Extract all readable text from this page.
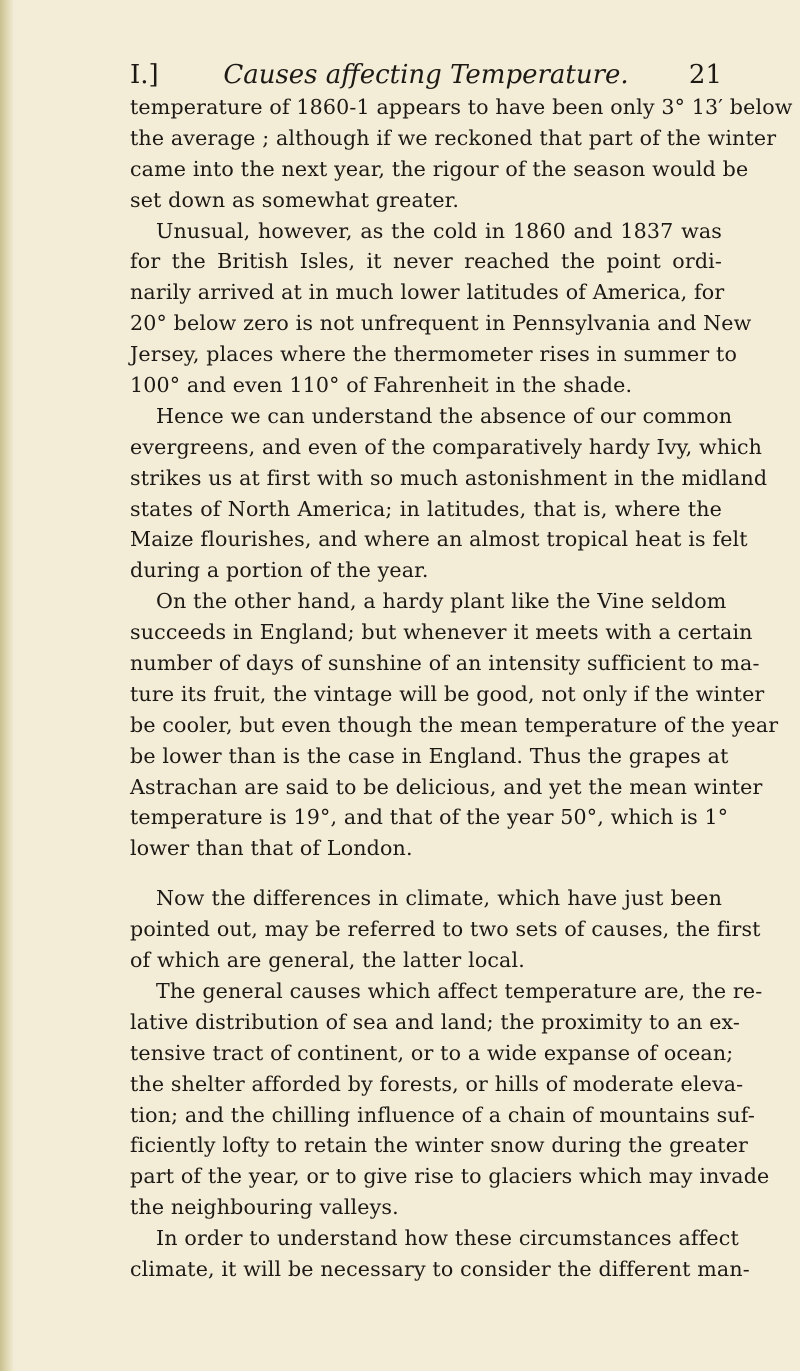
I.]	Causes affecting Temperature.	21
temperature of 1860-1 appears to have been only 3° 13′ below
the average ; although if we reckoned that part of the winter
came into the next year, the rigour of the season would be
set down as somewhat greater.
Unusual, however, as the cold in 1860 and 1837 was
for the British Isles, it never reached the point ordi-
narily arrived at in much lower latitudes of America, for
20° below zero is not unfrequent in Pennsylvania and New
Jersey, places where the thermometer rises in summer to
100° and even 110° of Fahrenheit in the shade.
Hence we can understand the absence of our common
evergreens, and even of the comparatively hardy Ivy, which
strikes us at first with so much astonishment in the midland
states of North America; in latitudes, that is, where the
Maize flourishes, and where an almost tropical heat is felt
during a portion of the year.
On the other hand, a hardy plant like the Vine seldom
succeeds in England; but whenever it meets with a certain
number of days of sunshine of an intensity sufficient to ma-
ture its fruit, the vintage will be good, not only if the winter
be cooler, but even though the mean temperature of the year
be lower than is the case in England. Thus the grapes at
Astrachan are said to be delicious, and yet the mean winter
temperature is 19°, and that of the year 50°, which is 1°
lower than that of London.
Now the differences in climate, which have just been
pointed out, may be referred to two sets of causes, the first
of which are general, the latter local.
The general causes which affect temperature are, the re-
lative distribution of sea and land; the proximity to an ex-
tensive tract of continent, or to a wide expanse of ocean;
the shelter afforded by forests, or hills of moderate eleva-
tion; and the chilling influence of a chain of mountains suf-
ficiently lofty to retain the winter snow during the greater
part of the year, or to give rise to glaciers which may invade
the neighbouring valleys.
In order to understand how these circumstances affect
climate, it will be necessary to consider the different man-
